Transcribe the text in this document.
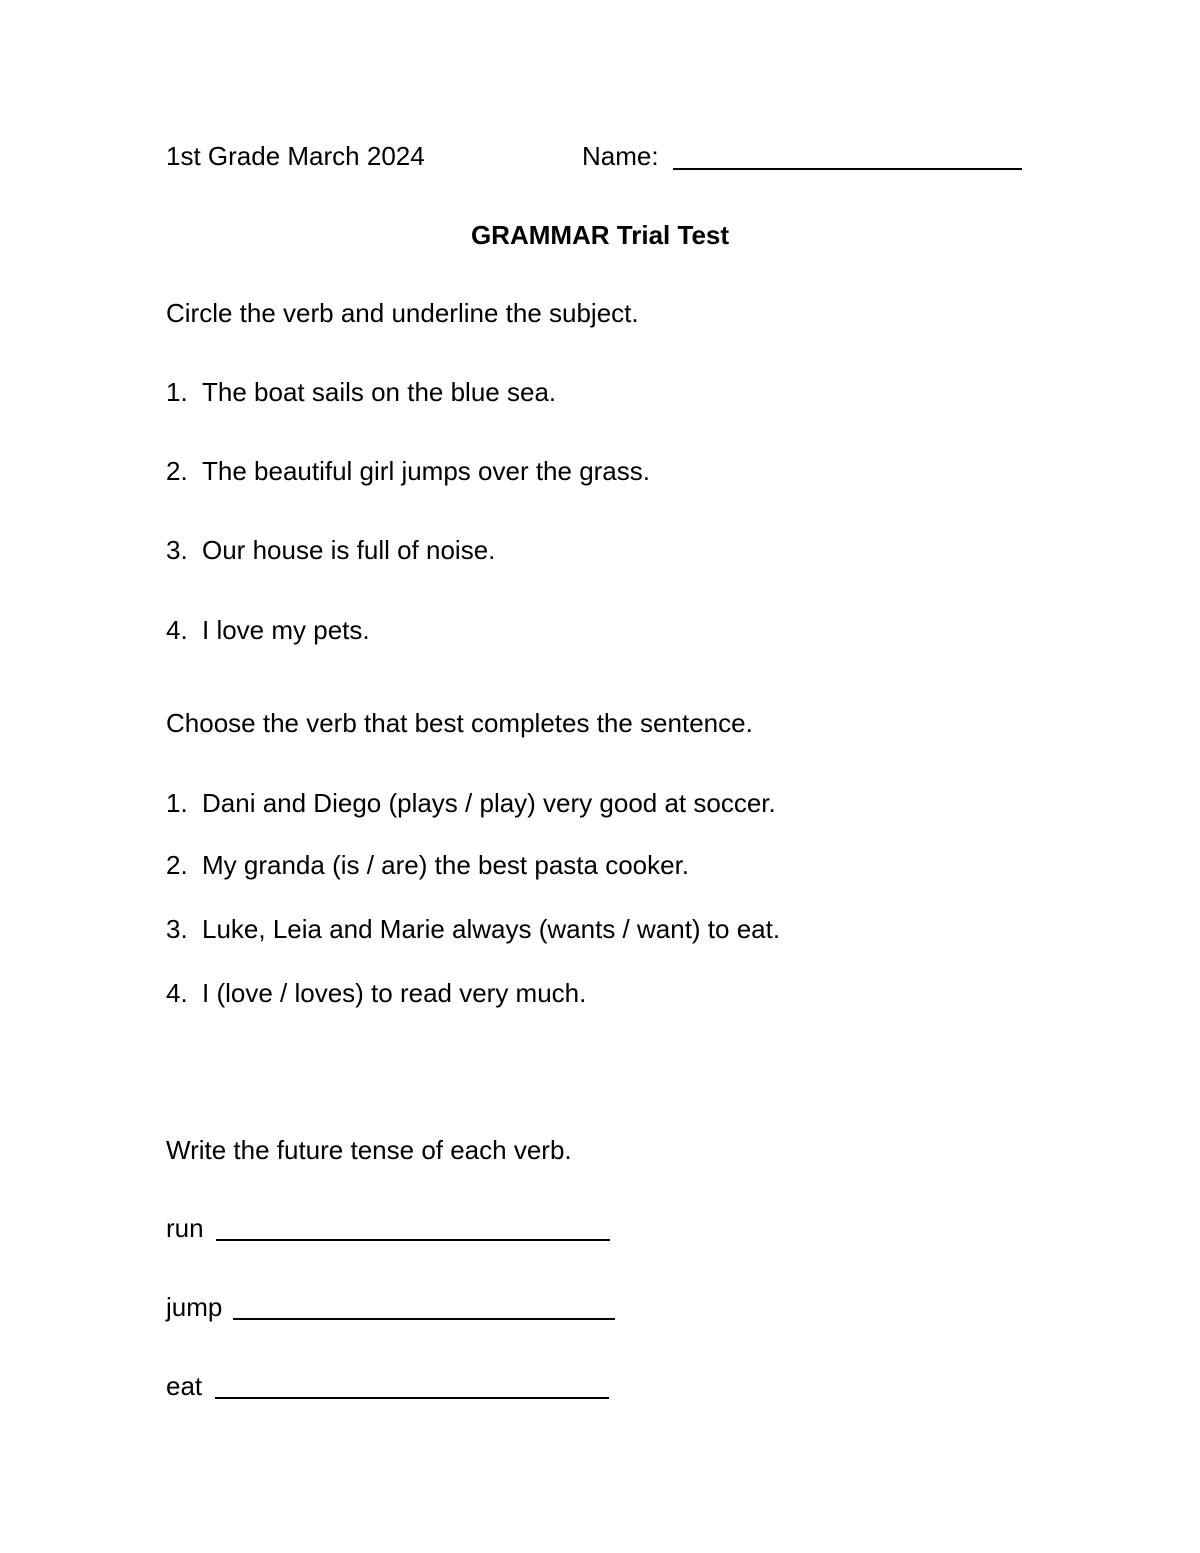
1st Grade March 2024	Name:
GRAMMAR Trial Test
Circle the verb and underline the subject.
1. The boat sails on the blue sea.
2. The beautiful girl jumps over the grass.
3. Our house is full of noise.
4. I love my pets.
Choose the verb that best completes the sentence.
1. Dani and Diego (plays / play) very good at soccer.
2. My granda (is / are) the best pasta cooker.
3. Luke, Leia and Marie always (wants / want) to eat.
4. I (love / loves) to read very much.
Write the future tense of each verb.
run
jump
eat
